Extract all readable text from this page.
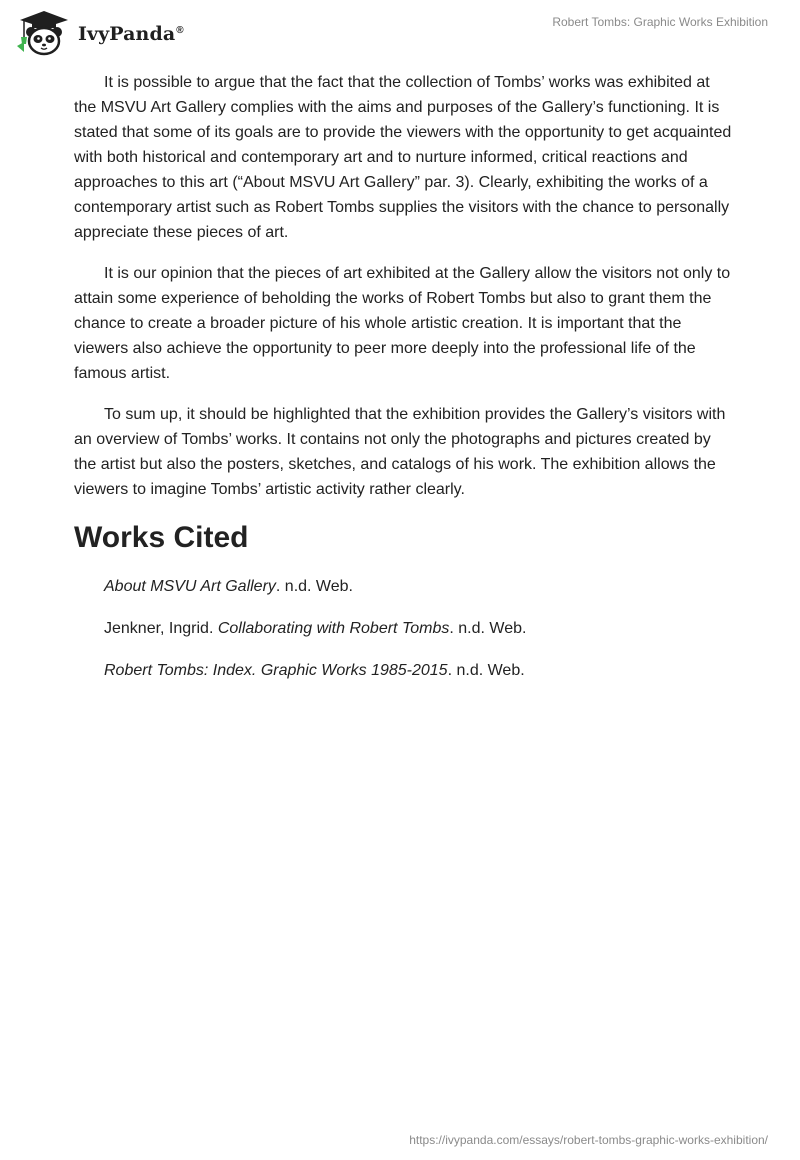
IvyPanda®
Robert Tombs: Graphic Works Exhibition

It is possible to argue that the fact that the collection of Tombs’ works was exhibited at the MSVU Art Gallery complies with the aims and purposes of the Gallery’s functioning. It is stated that some of its goals are to provide the viewers with the opportunity to get acquainted with both historical and contemporary art and to nurture informed, critical reactions and approaches to this art (“About MSVU Art Gallery” par. 3). Clearly, exhibiting the works of a contemporary artist such as Robert Tombs supplies the visitors with the chance to personally appreciate these pieces of art.

It is our opinion that the pieces of art exhibited at the Gallery allow the visitors not only to attain some experience of beholding the works of Robert Tombs but also to grant them the chance to create a broader picture of his whole artistic creation. It is important that the viewers also achieve the opportunity to peer more deeply into the professional life of the famous artist.

To sum up, it should be highlighted that the exhibition provides the Gallery’s visitors with an overview of Tombs’ works. It contains not only the photographs and pictures created by the artist but also the posters, sketches, and catalogs of his work. The exhibition allows the viewers to imagine Tombs’ artistic activity rather clearly.

Works Cited

About MSVU Art Gallery. n.d. Web.

Jenkner, Ingrid. Collaborating with Robert Tombs. n.d. Web.

Robert Tombs: Index. Graphic Works 1985-2015. n.d. Web.

https://ivypanda.com/essays/robert-tombs-graphic-works-exhibition/
